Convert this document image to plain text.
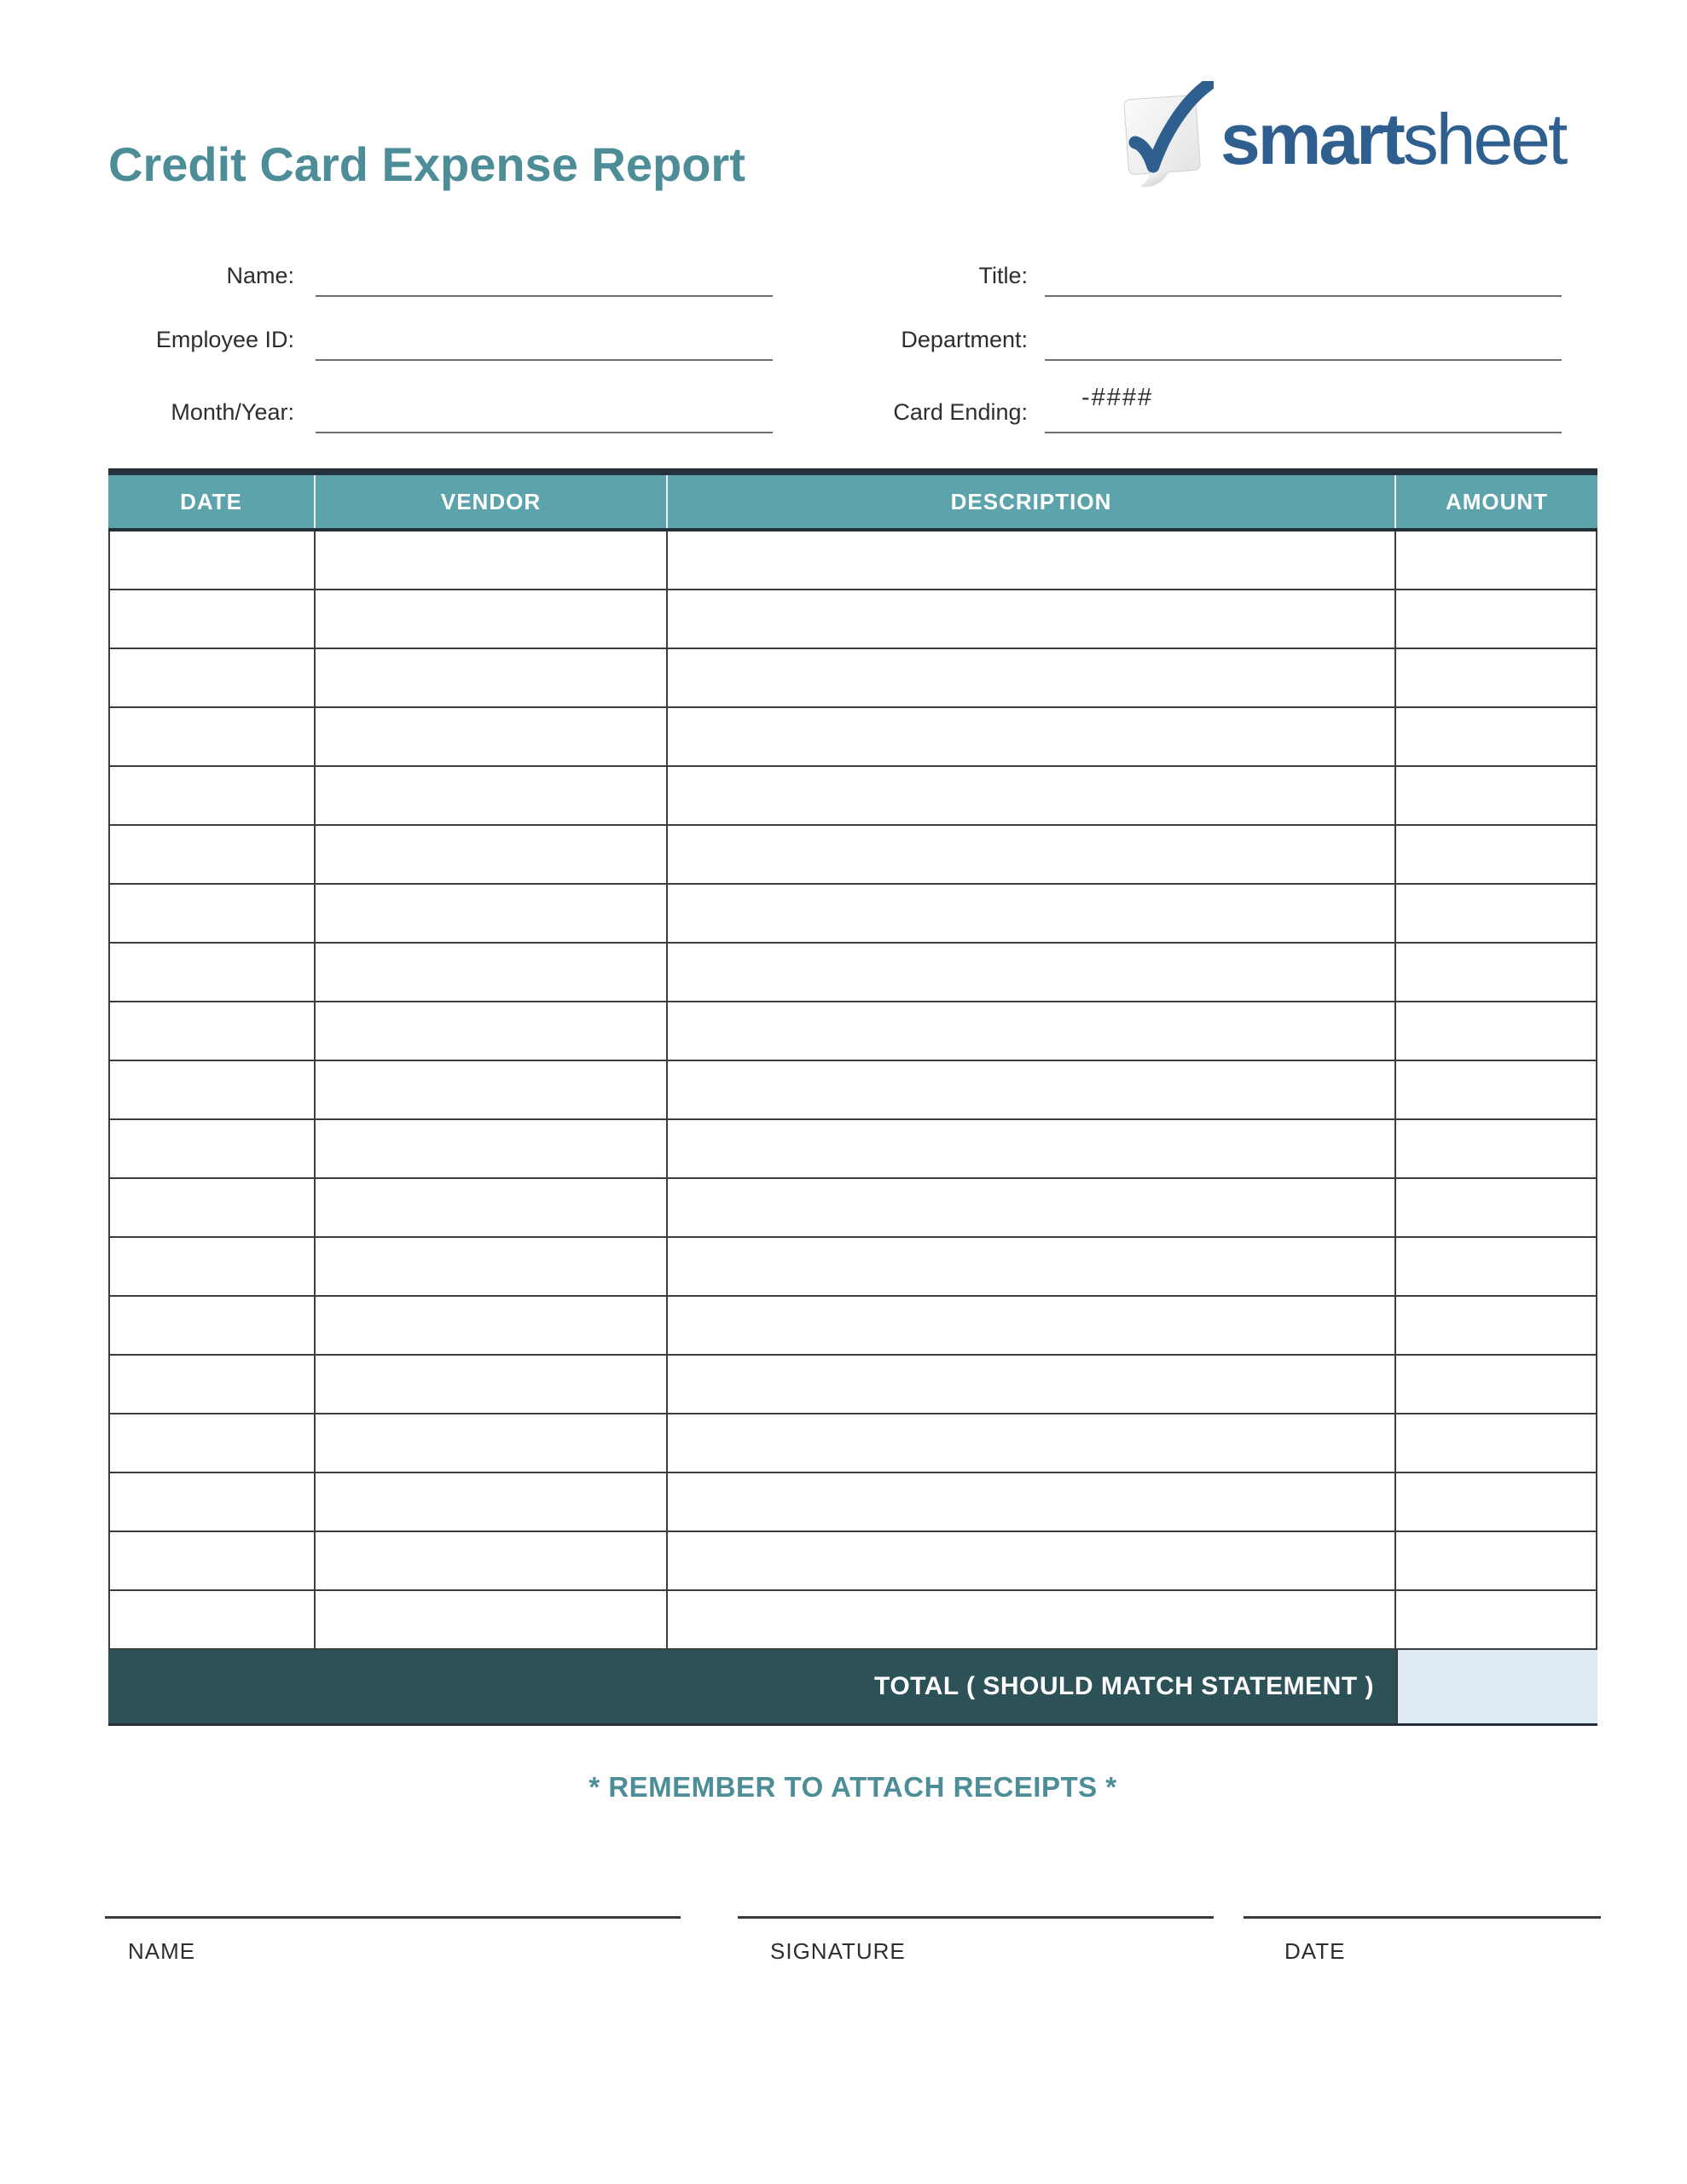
Credit Card Expense Report	smartsheet
Name:
Employee ID:
Month/Year:
Title:
Department:
Card Ending:
-####
DATE	VENDOR	DESCRIPTION	AMOUNT
TOTAL ( SHOULD MATCH STATEMENT )
* REMEMBER TO ATTACH RECEIPTS *
NAME	SIGNATURE	DATE
